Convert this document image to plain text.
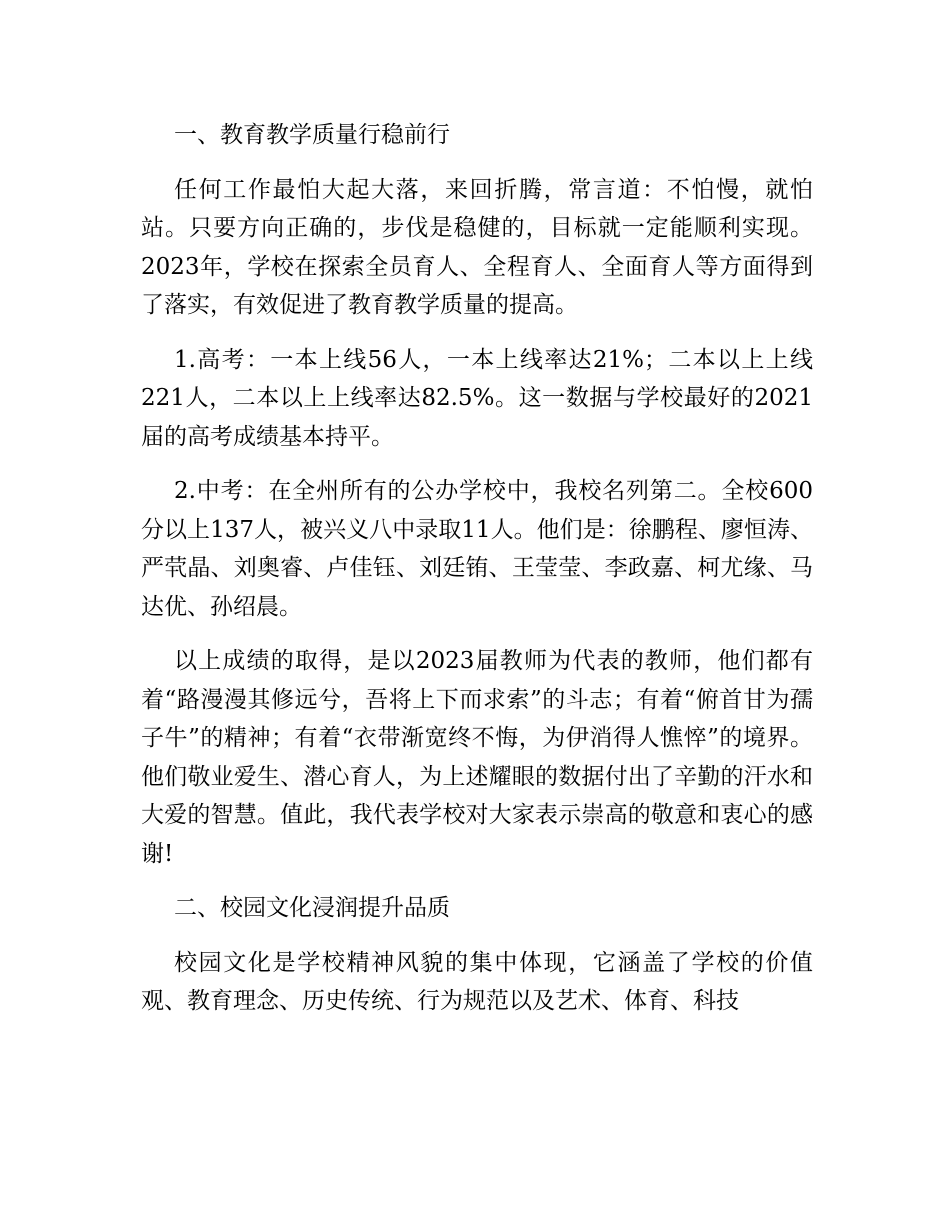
一、教育教学质量行稳前行

任何工作最怕大起大落，来回折腾，常言道：不怕慢，就怕站。只要方向正确的，步伐是稳健的，目标就一定能顺利实现。2023年，学校在探索全员育人、全程育人、全面育人等方面得到了落实，有效促进了教育教学质量的提高。

1.高考：一本上线56人，一本上线率达21%；二本以上上线221人，二本以上上线率达82.5%。这一数据与学校最好的2021届的高考成绩基本持平。

2.中考：在全州所有的公办学校中，我校名列第二。全校600分以上137人，被兴义八中录取11人。他们是：徐鹏程、廖恒涛、严茕晶、刘奥睿、卢佳钰、刘廷铕、王莹莹、李政嘉、柯尤缘、马达优、孙绍晨。

以上成绩的取得，是以2023届教师为代表的教师，他们都有着“路漫漫其修远兮，吾将上下而求索”的斗志；有着“俯首甘为孺子牛”的精神；有着“衣带渐宽终不悔，为伊消得人憔悴”的境界。他们敬业爱生、潜心育人，为上述耀眼的数据付出了辛勤的汗水和大爱的智慧。值此，我代表学校对大家表示崇高的敬意和衷心的感谢!

二、校园文化浸润提升品质

校园文化是学校精神风貌的集中体现，它涵盖了学校的价值观、教育理念、历史传统、行为规范以及艺术、体育、科技
